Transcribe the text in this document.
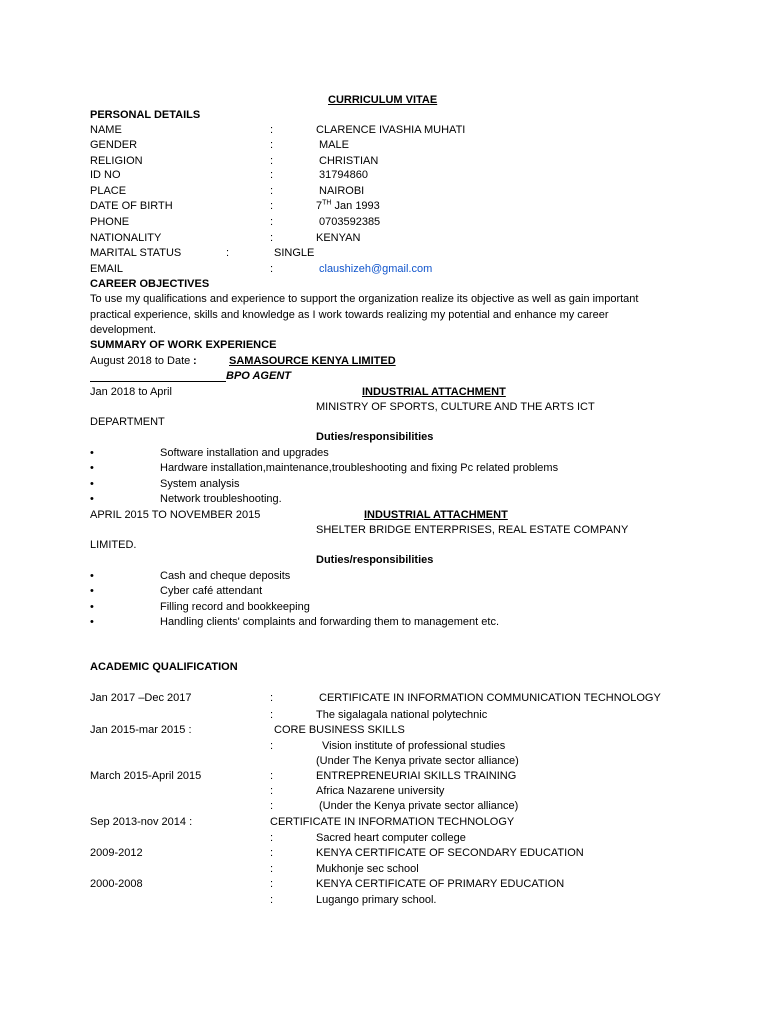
CURRICULUM VITAE
PERSONAL DETAILS
NAME	:	CLARENCE IVASHIA MUHATI
GENDER	:	MALE
RELIGION	:	CHRISTIAN
ID NO	:	31794860
PLACE	:	NAIROBI
DATE OF BIRTH	:	7TH Jan 1993
PHONE	:	0703592385
NATIONALITY	:	KENYAN
MARITAL STATUS	:	SINGLE
EMAIL	:	claushizeh@gmail.com
CAREER OBJECTIVES
To use my qualifications and experience to support the organization realize its objective as well as gain important
practical experience, skills and knowledge as I work towards realizing my potential and enhance my career
development.
SUMMARY OF WORK EXPERIENCE
August 2018 to Date :	SAMASOURCE KENYA LIMITED
BPO AGENT
Jan 2018 to April	INDUSTRIAL ATTACHMENT
MINISTRY OF SPORTS, CULTURE AND THE ARTS ICT
DEPARTMENT
Duties/responsibilities
•	Software installation and upgrades
•	Hardware installation,maintenance,troubleshooting and fixing Pc related problems
•	System analysis
•	Network troubleshooting.
APRIL 2015 TO NOVEMBER 2015	INDUSTRIAL ATTACHMENT
SHELTER BRIDGE ENTERPRISES, REAL ESTATE COMPANY
LIMITED.
Duties/responsibilities
•	Cash and cheque deposits
•	Cyber café attendant
•	Filling record and bookkeeping
•	Handling clients' complaints and forwarding them to management etc.
ACADEMIC QUALIFICATION
Jan 2017 –Dec 2017	:	CERTIFICATE IN INFORMATION COMMUNICATION TECHNOLOGY
:	The sigalagala national polytechnic
Jan 2015-mar 2015 :	CORE BUSINESS SKILLS
:	Vision institute of professional studies
(Under The Kenya private sector alliance)
March 2015-April 2015	:	ENTREPRENEURIAI SKILLS TRAINING
:	Africa Nazarene university
:	(Under the Kenya private sector alliance)
Sep 2013-nov 2014 :	CERTIFICATE IN INFORMATION TECHNOLOGY
:	Sacred heart computer college
2009-2012	:	KENYA CERTIFICATE OF SECONDARY EDUCATION
:	Mukhonje sec school
2000-2008	:	KENYA CERTIFICATE OF PRIMARY EDUCATION
:	Lugango primary school.
